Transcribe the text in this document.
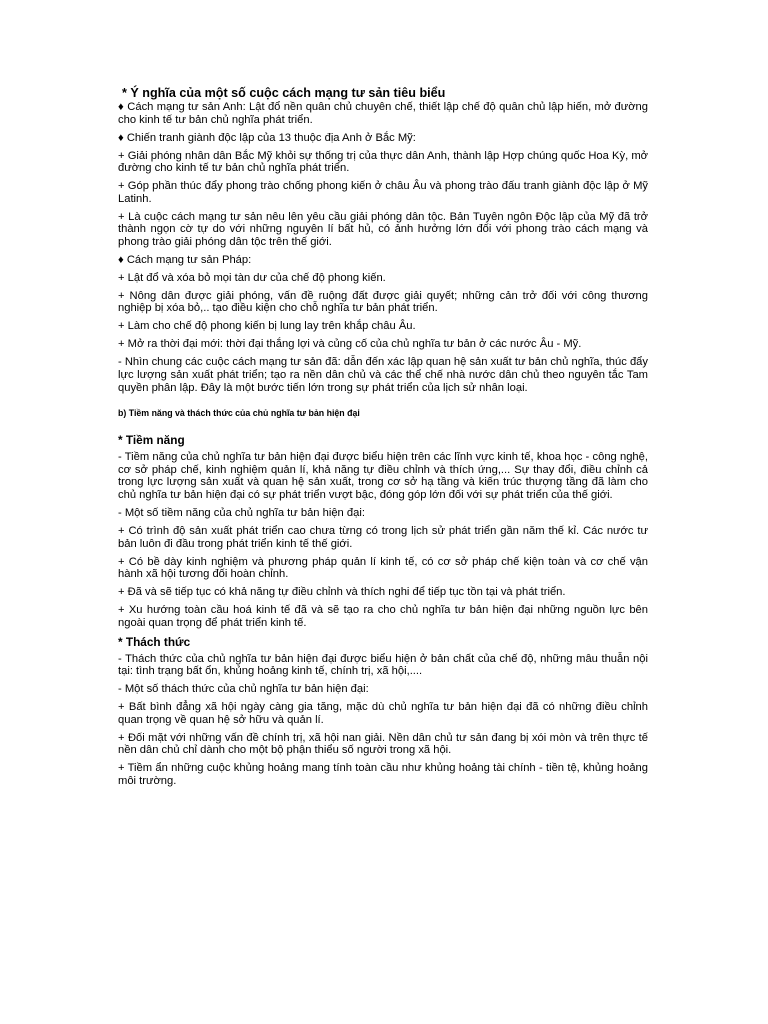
* Ý nghĩa của một số cuộc cách mạng tư sản tiêu biểu
♦ Cách mạng tư sản Anh: Lật đổ nền quân chủ chuyên chế, thiết lập chế độ quân chủ lập hiến, mở đường cho kinh tế tư bản chủ nghĩa phát triển.
♦ Chiến tranh giành độc lập của 13 thuộc địa Anh ở Bắc Mỹ:
+ Giải phóng nhân dân Bắc Mỹ khỏi sự thống trị của thực dân Anh, thành lập Hợp chúng quốc Hoa Kỳ, mở đường cho kinh tế tư bản chủ nghĩa phát triển.
+ Góp phần thúc đẩy phong trào chống phong kiến ở châu Âu và phong trào đấu tranh giành độc lập ở Mỹ Latinh.
+ Là cuộc cách mạng tư sản nêu lên yêu cầu giải phóng dân tộc. Bản Tuyên ngôn Độc lập của Mỹ đã trở thành ngọn cờ tự do với những nguyên lí bất hủ, có ảnh hưởng lớn đối với phong trào cách mạng và phong trào giải phóng dân tộc trên thế giới.
♦ Cách mạng tư sản Pháp:
+ Lật đổ và xóa bỏ mọi tàn dư của chế độ phong kiến.
+ Nông dân được giải phóng, vấn đề ruộng đất được giải quyết; những cản trở đối với công thương nghiệp bị xóa bỏ,.. tạo điều kiện cho chỗ nghĩa tư bản phát triển.
+ Làm cho chế độ phong kiến bị lung lay trên khắp châu Âu.
+ Mở ra thời đại mới: thời đại thắng lợi và củng cố của chủ nghĩa tư bản ở các nước Âu - Mỹ.
- Nhìn chung các cuộc cách mạng tư sản đã: dẫn đến xác lập quan hệ sản xuất tư bản chủ nghĩa, thúc đẩy lực lượng sản xuất phát triển; tạo ra nền dân chủ và các thể chế nhà nước dân chủ theo nguyên tắc Tam quyền phân lập. Đây là một bước tiến lớn trong sự phát triển của lịch sử nhân loại.
b) Tiềm năng và thách thức của chủ nghĩa tư bản hiện đại
* Tiềm năng
- Tiềm năng của chủ nghĩa tư bản hiện đại được biểu hiện trên các lĩnh vực kinh tế, khoa học - công nghệ, cơ sở pháp chế, kinh nghiệm quản lí, khả năng tự điều chỉnh và thích ứng,... Sự thay đổi, điều chỉnh cả trong lực lượng sản xuất và quan hệ sản xuất, trong cơ sở hạ tầng và kiến trúc thượng tầng đã làm cho chủ nghĩa tư bản hiện đại có sự phát triển vượt bậc, đóng góp lớn đối với sự phát triển của thế giới.
- Một số tiềm năng của chủ nghĩa tư bản hiện đại:
+ Có trình độ sản xuất phát triển cao chưa từng có trong lịch sử phát triển gần năm thế kỉ. Các nước tư bản luôn đi đầu trong phát triển kinh tế thế giới.
+ Có bề dày kinh nghiệm và phương pháp quản lí kinh tế, có cơ sở pháp chế kiện toàn và cơ chế vận hành xã hội tương đối hoàn chỉnh.
+ Đã và sẽ tiếp tục có khả năng tự điều chỉnh và thích nghi để tiếp tục tồn tại và phát triển.
+ Xu hướng toàn cầu hoá kinh tế đã và sẽ tạo ra cho chủ nghĩa tư bản hiện đại những nguồn lực bên ngoài quan trọng để phát triển kinh tế.
* Thách thức
- Thách thức của chủ nghĩa tư bản hiện đại được biểu hiện ở bản chất của chế độ, những mâu thuẫn nội tại: tình trạng bất ổn, khủng hoảng kinh tế, chính trị, xã hội,....
- Một số thách thức của chủ nghĩa tư bản hiện đại:
+ Bất bình đẳng xã hội ngày càng gia tăng, mặc dù chủ nghĩa tư bản hiện đại đã có những điều chỉnh quan trọng về quan hệ sở hữu và quản lí.
+ Đối mặt với những vấn đề chính trị, xã hội nan giải. Nền dân chủ tư sản đang bị xói mòn và trên thực tế nền dân chủ chỉ dành cho một bộ phận thiểu số người trong xã hội.
+ Tiềm ẩn những cuộc khủng hoảng mang tính toàn cầu như khủng hoảng tài chính - tiền tệ, khủng hoảng môi trường.
